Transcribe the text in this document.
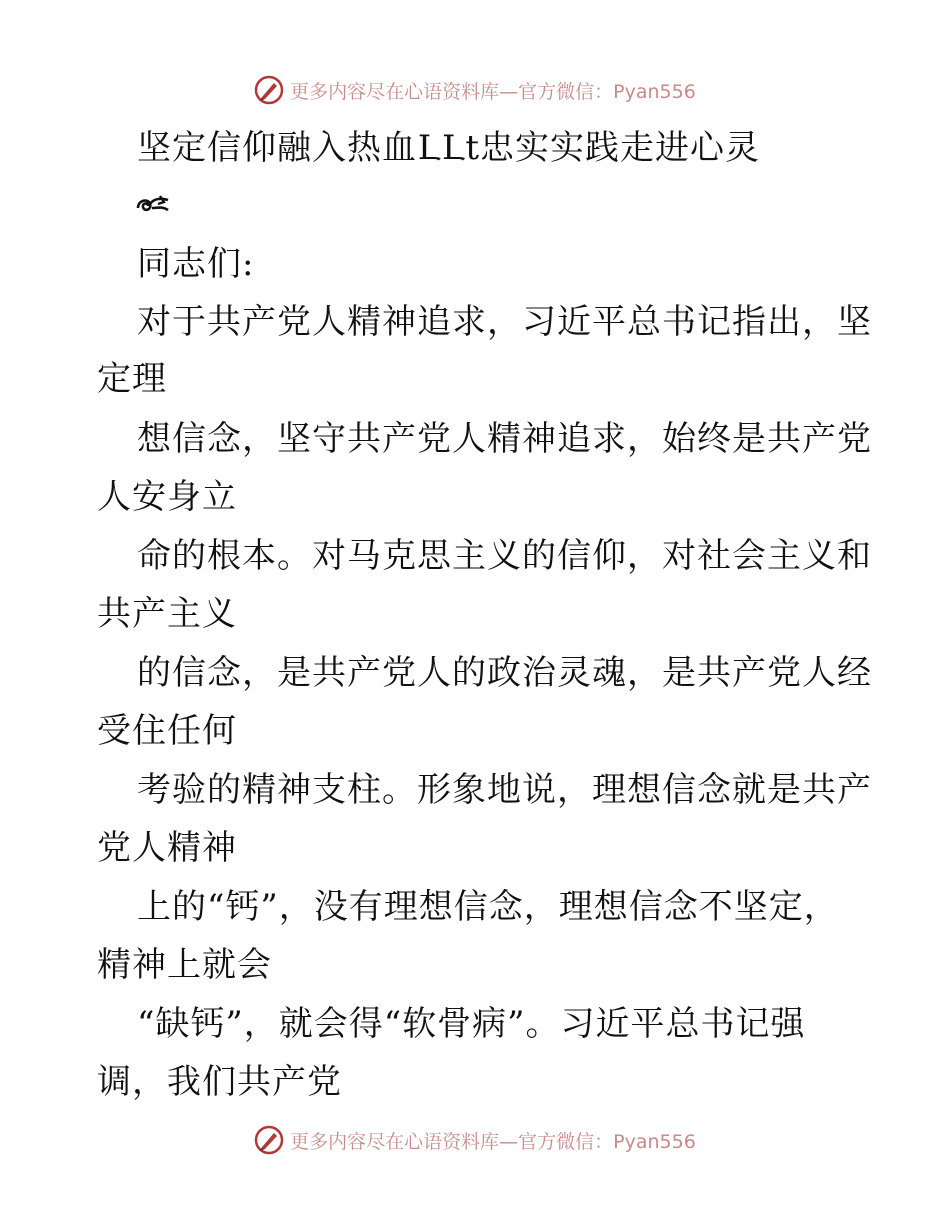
更多内容尽在心语资料库—官方微信：Pyan556
坚定信仰融入热血ԼԼt忠实实践走进心灵
同志们:
对于共产党人精神追求，习近平总书记指出，坚
定理
想信念，坚守共产党人精神追求，始终是共产党
人安身立
命的根本。对马克思主义的信仰，对社会主义和
共产主义
的信念，是共产党人的政治灵魂，是共产党人经
受住任何
考验的精神支柱。形象地说，理想信念就是共产
党人精神
上的“钙”，没有理想信念，理想信念不坚定，
精神上就会
“缺钙”，就会得“软骨病”。习近平总书记强
调，我们共产党
更多内容尽在心语资料库—官方微信：Pyan556
